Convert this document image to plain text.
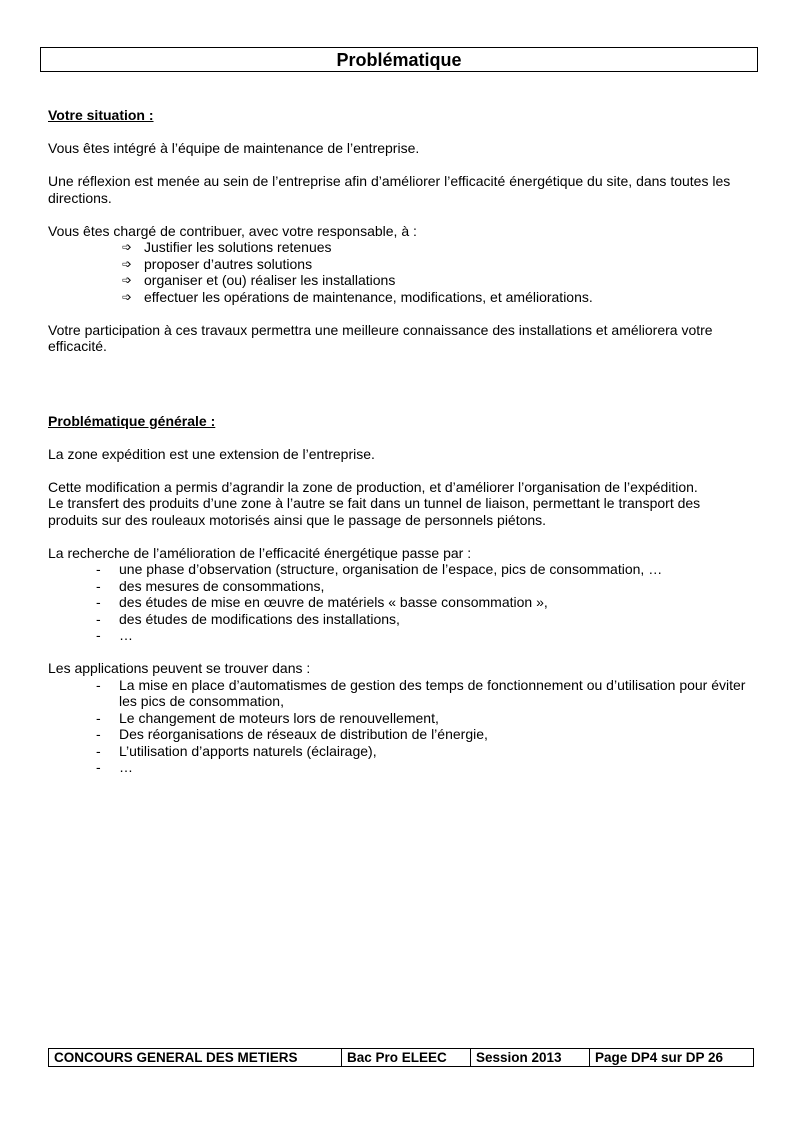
Problématique

Votre situation :

Vous êtes intégré à l’équipe de maintenance de l’entreprise.

Une réflexion est menée au sein de l’entreprise afin d’améliorer l’efficacité énergétique du site, dans toutes les directions.

Vous êtes chargé de contribuer, avec votre responsable, à :

➩ Justifier les solutions retenues
➩ proposer d’autres solutions
➩ organiser et (ou) réaliser les installations
➩ effectuer les opérations de maintenance, modifications, et améliorations.

Votre participation à ces travaux permettra une meilleure connaissance des installations et améliorera votre efficacité.

Problématique générale :

La zone expédition est une extension de l’entreprise.

Cette modification a permis d’agrandir la zone de production, et d’améliorer l’organisation de l’expédition.

Le transfert des produits d’une zone à l’autre se fait dans un tunnel de liaison, permettant le transport des produits sur des rouleaux motorisés ainsi que le passage de personnels piétons.

La recherche de l’amélioration de l’efficacité énergétique passe par :

- une phase d’observation (structure, organisation de l’espace, pics de consommation, …
- des mesures de consommations,
- des études de mise en œuvre de matériels « basse consommation »,
- des études de modifications des installations,
- …

Les applications peuvent se trouver dans :

- La mise en place d’automatismes de gestion des temps de fonctionnement ou d’utilisation pour éviter les pics de consommation,
- Le changement de moteurs lors de renouvellement,
- Des réorganisations de réseaux de distribution de l’énergie,
- L’utilisation d’apports naturels (éclairage),
- …
CONCOURS GENERAL DES METIERS	Bac Pro ELEEC	Session 2013	Page DP4 sur DP 26
